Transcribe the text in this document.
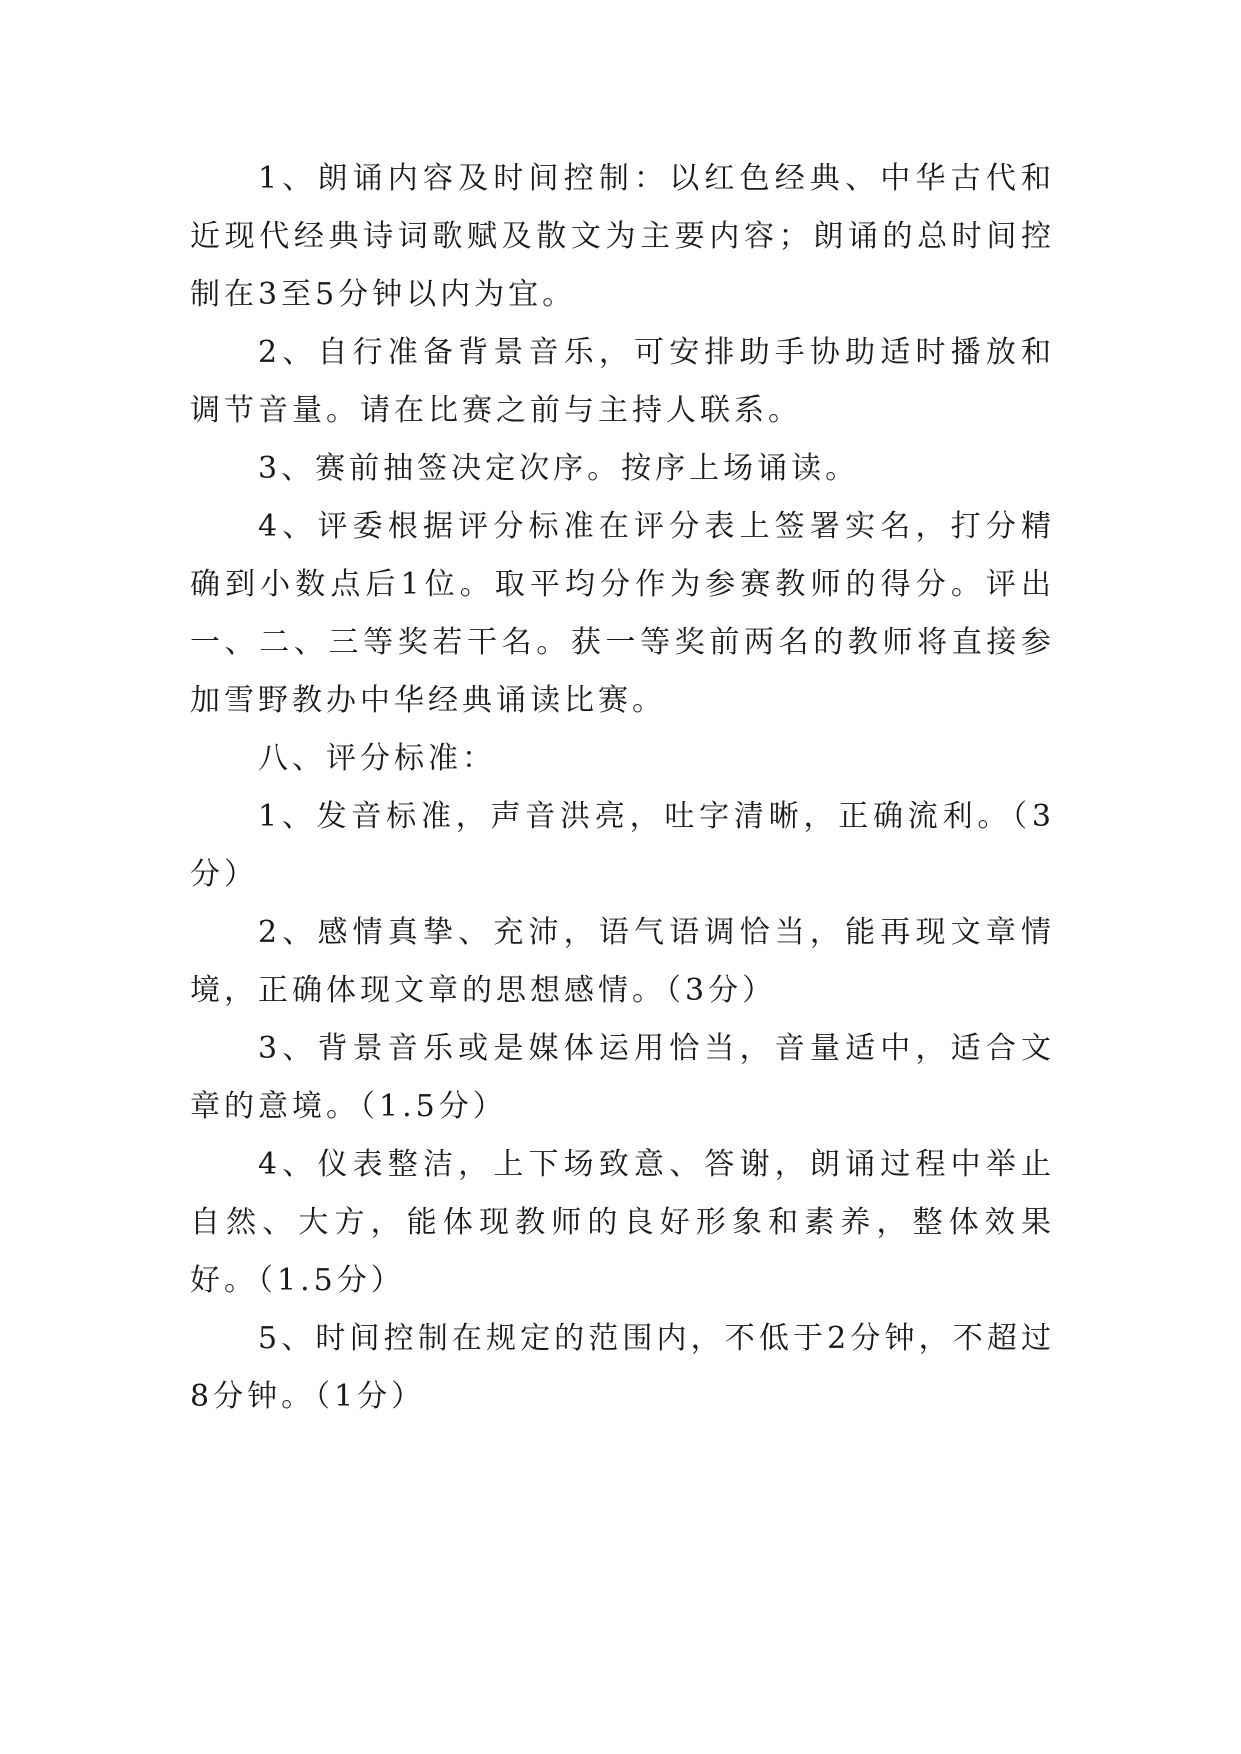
1、朗诵内容及时间控制：以红色经典、中华古代和近现代经典诗词歌赋及散文为主要内容；朗诵的总时间控制在3至5分钟以内为宜。

2、自行准备背景音乐，可安排助手协助适时播放和调节音量。请在比赛之前与主持人联系。

3、赛前抽签决定次序。按序上场诵读。

4、评委根据评分标准在评分表上签署实名，打分精确到小数点后1位。取平均分作为参赛教师的得分。评出一、二、三等奖若干名。获一等奖前两名的教师将直接参加雪野教办中华经典诵读比赛。

八、评分标准：

1、发音标准，声音洪亮，吐字清晰，正确流利。（3分）

2、感情真挚、充沛，语气语调恰当，能再现文章情境，正确体现文章的思想感情。（3分）

3、背景音乐或是媒体运用恰当，音量适中，适合文章的意境。（1.5分）

4、仪表整洁，上下场致意、答谢，朗诵过程中举止自然、大方，能体现教师的良好形象和素养，整体效果好。（1.5分）

5、时间控制在规定的范围内，不低于2分钟，不超过8分钟。（1分）
